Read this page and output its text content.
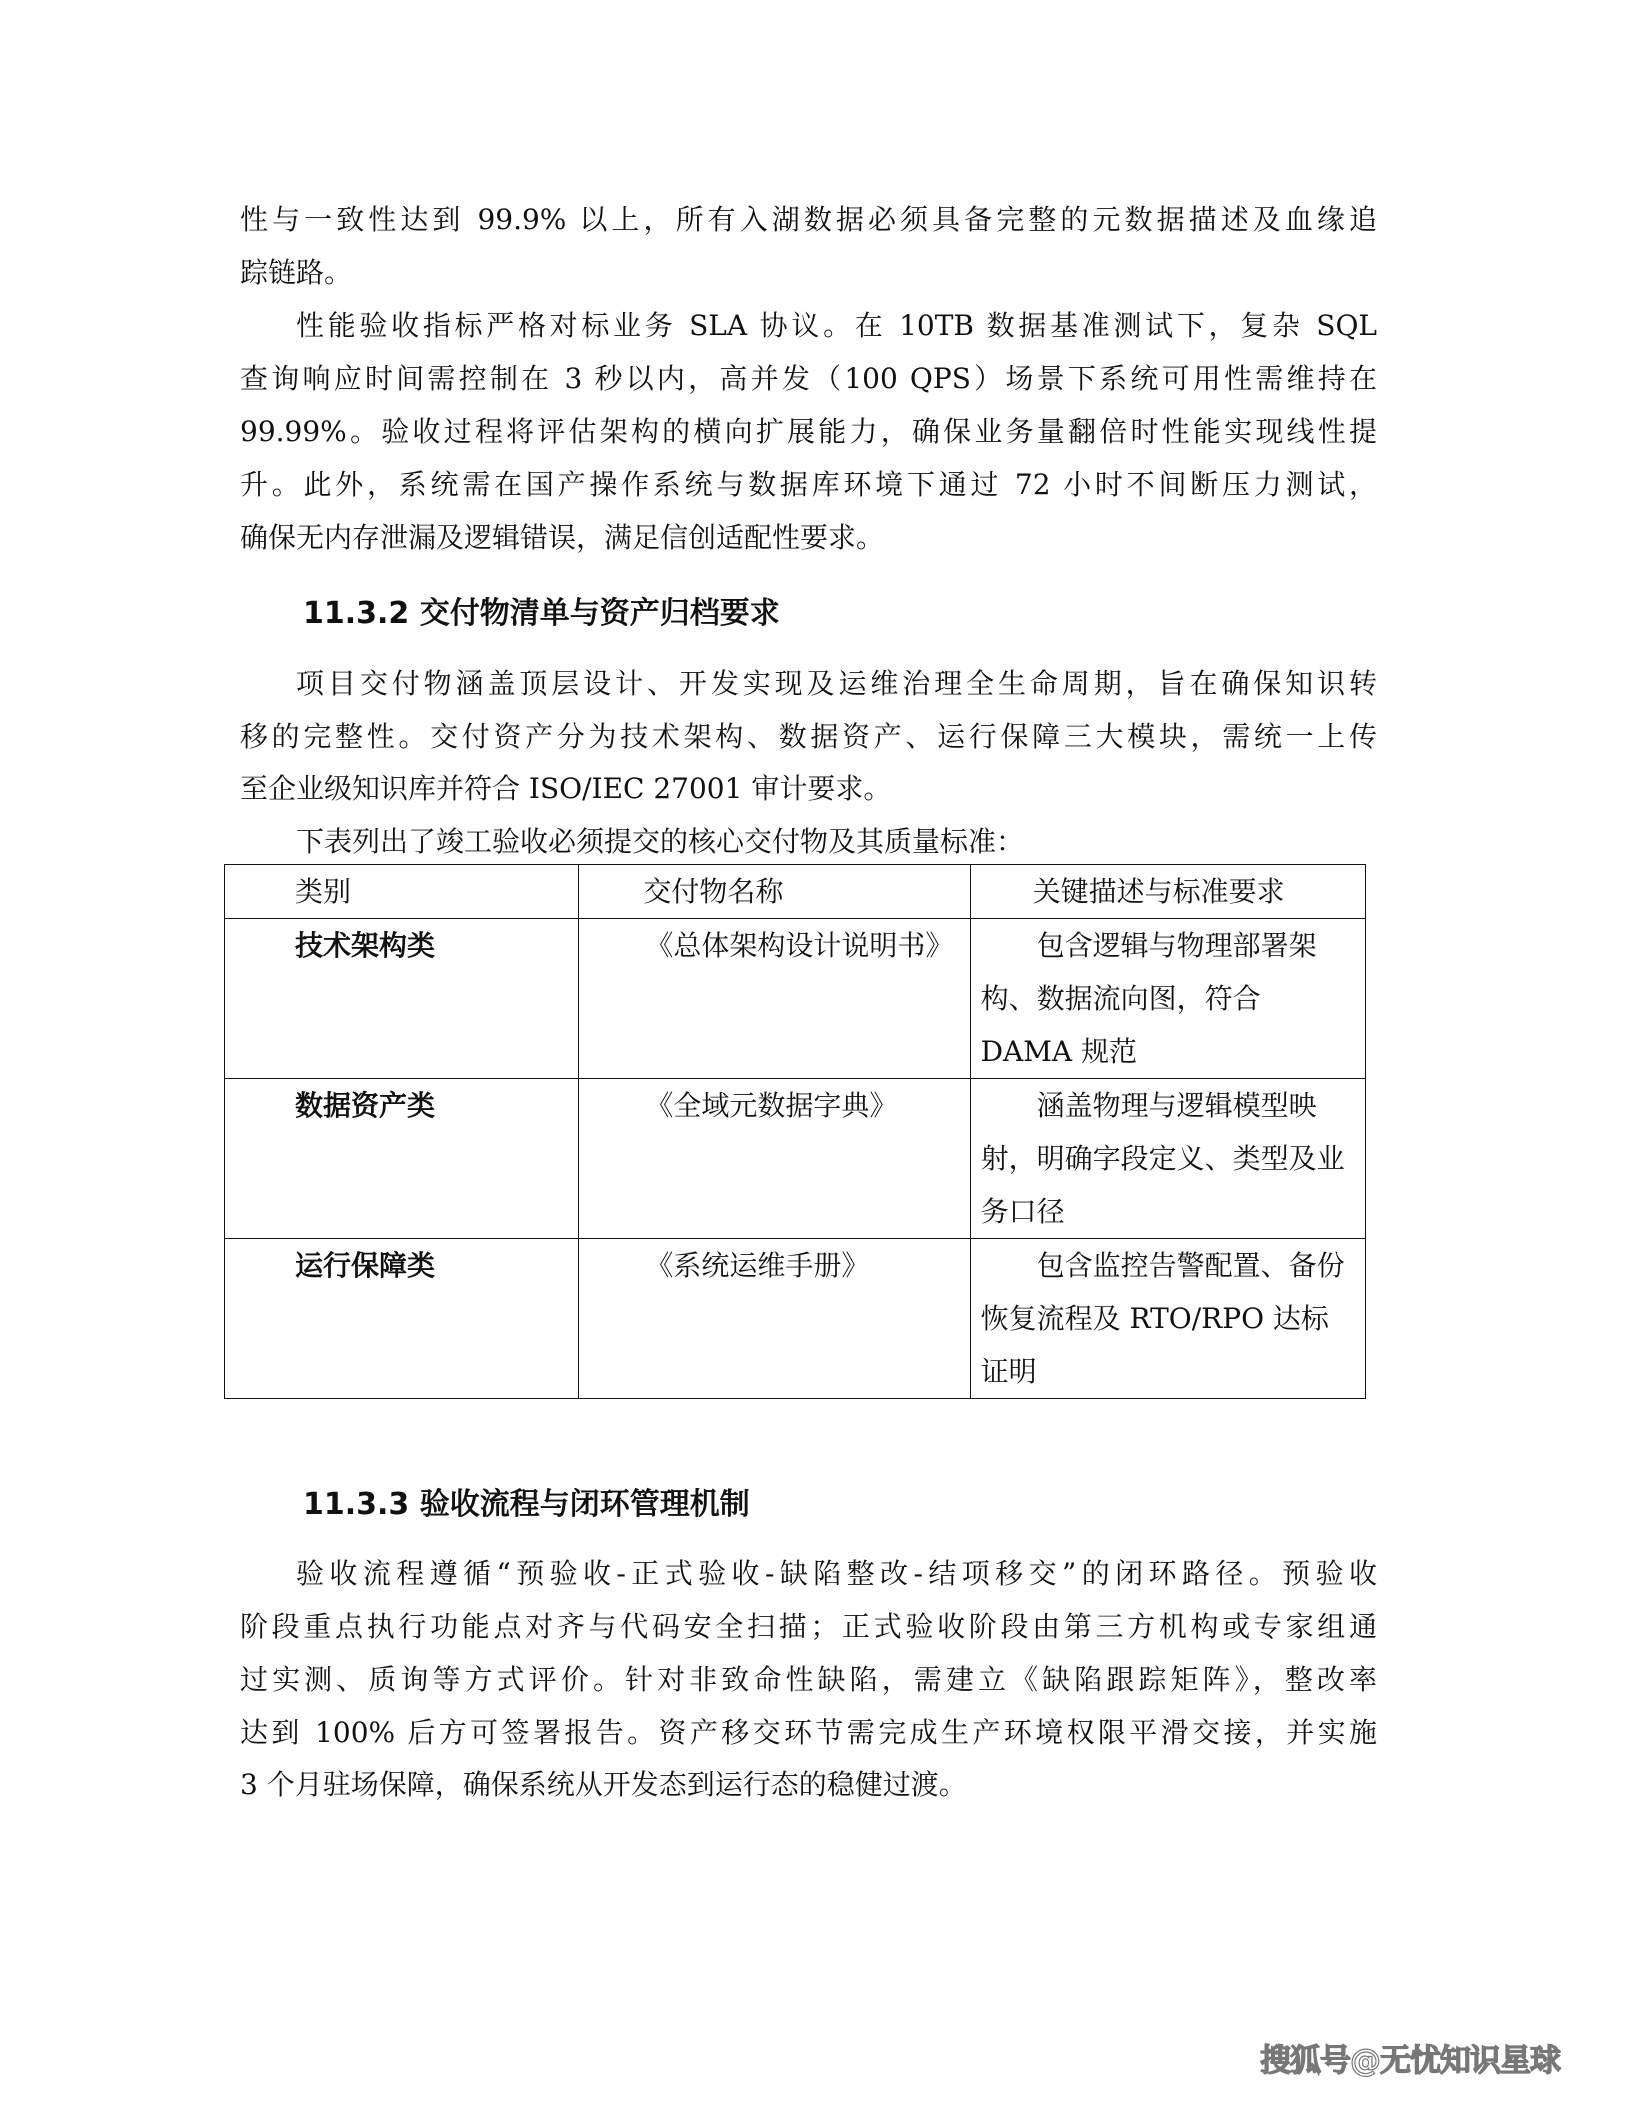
性与一致性达到 99.9% 以上，所有入湖数据必须具备完整的元数据描述及血缘追
踪链路。
性能验收指标严格对标业务 SLA 协议。在 10TB 数据基准测试下，复杂 SQL
查询响应时间需控制在 3 秒以内，高并发（100 QPS）场景下系统可用性需维持在
99.99%。验收过程将评估架构的横向扩展能力，确保业务量翻倍时性能实现线性提
升。此外，系统需在国产操作系统与数据库环境下通过 72 小时不间断压力测试，
确保无内存泄漏及逻辑错误，满足信创适配性要求。
11.3.2 交付物清单与资产归档要求
项目交付物涵盖顶层设计、开发实现及运维治理全生命周期，旨在确保知识转
移的完整性。交付资产分为技术架构、数据资产、运行保障三大模块，需统一上传
至企业级知识库并符合 ISO/IEC 27001 审计要求。
下表列出了竣工验收必须提交的核心交付物及其质量标准：
类别	交付物名称	关键描述与标准要求

技术架构类	《总体架构设计说明书》	包含逻辑与物理部署架构、数据流向图，符合 DAMA 规范

数据资产类	《全域元数据字典》	涵盖物理与逻辑模型映射，明确字段定义、类型及业务口径

运行保障类	《系统运维手册》	包含监控告警配置、备份恢复流程及 RTO/RPO 达标证明
11.3.3 验收流程与闭环管理机制
验收流程遵循“预验收-正式验收-缺陷整改-结项移交”的闭环路径。预验收
阶段重点执行功能点对齐与代码安全扫描；正式验收阶段由第三方机构或专家组通
过实测、质询等方式评价。针对非致命性缺陷，需建立《缺陷跟踪矩阵》，整改率
达到 100% 后方可签署报告。资产移交环节需完成生产环境权限平滑交接，并实施
3 个月驻场保障，确保系统从开发态到运行态的稳健过渡。
搜狐号@无忧知识星球
